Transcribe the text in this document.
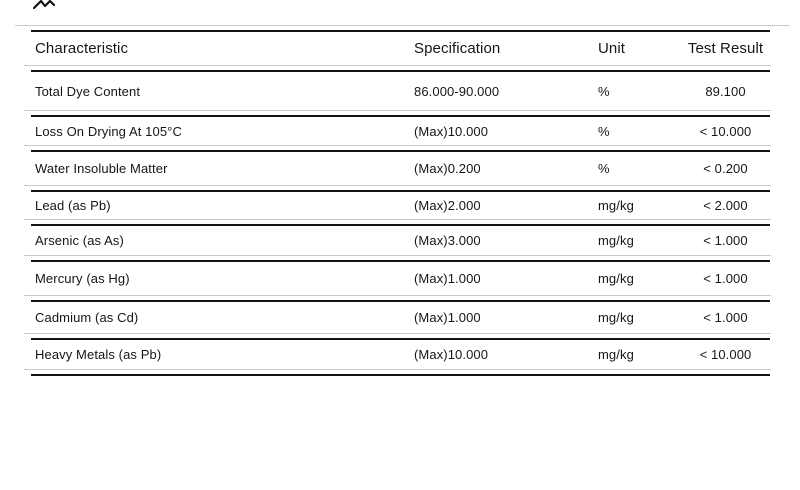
Characteristic	Specification	Unit	Test Result
Total Dye Content	86.000-90.000	%	89.100
Loss On Drying At 105°C	(Max)10.000	%	< 10.000
Water Insoluble Matter	(Max)0.200	%	< 0.200
Lead (as Pb)	(Max)2.000	mg/kg	< 2.000
Arsenic (as As)	(Max)3.000	mg/kg	< 1.000
Mercury (as Hg)	(Max)1.000	mg/kg	< 1.000
Cadmium (as Cd)	(Max)1.000	mg/kg	< 1.000
Heavy Metals (as Pb)	(Max)10.000	mg/kg	< 10.000
